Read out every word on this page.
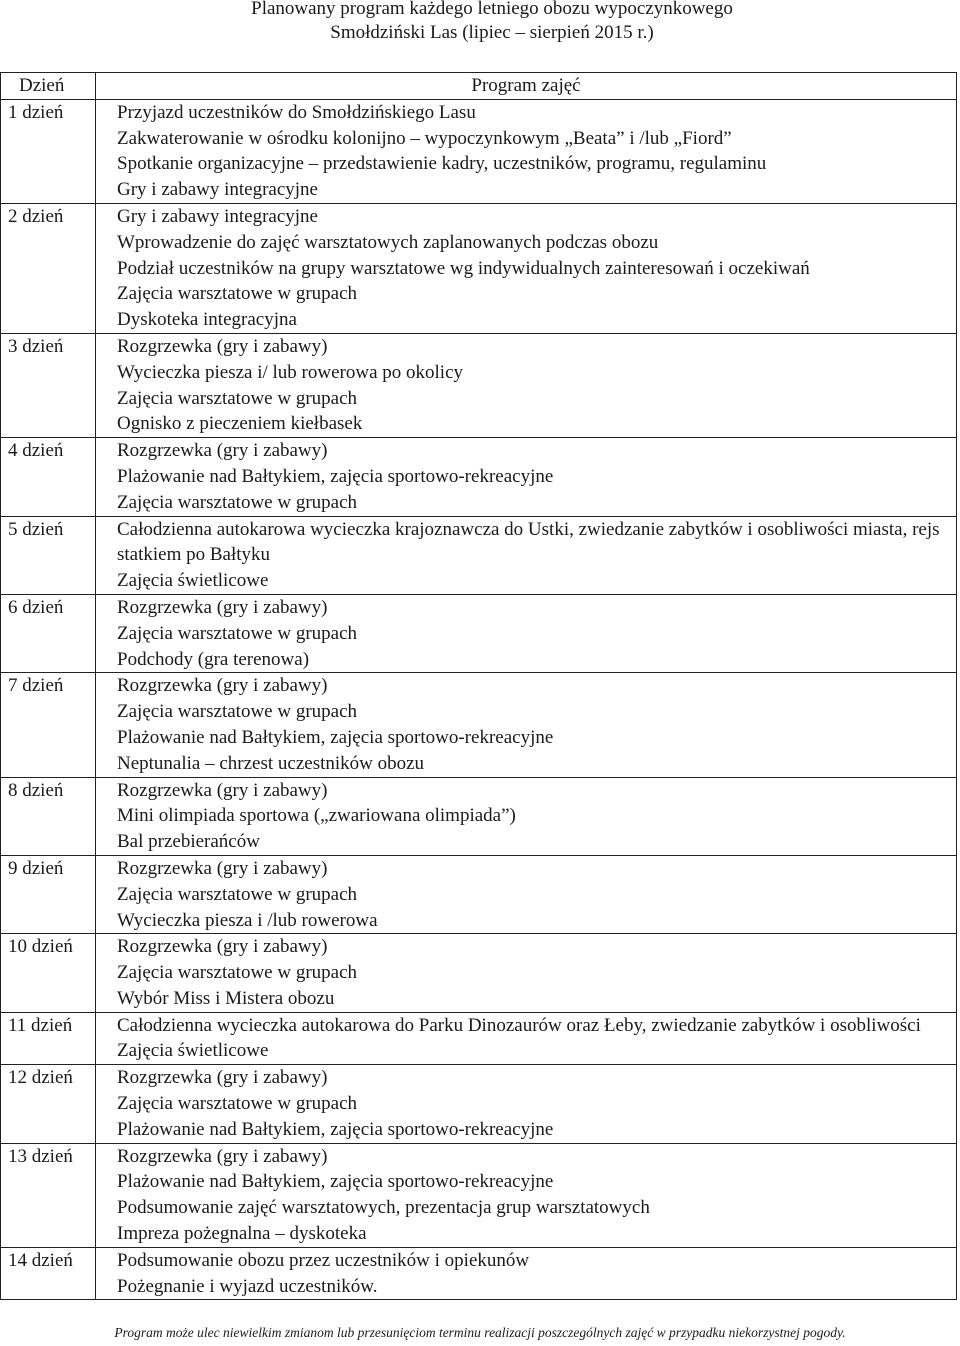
Planowany program każdego letniego obozu wypoczynkowego
Smołdziński Las (lipiec – sierpień 2015 r.)
Dzień	Program zajęć
1 dzień	Przyjazd uczestników do Smołdzińskiego Lasu
Zakwaterowanie w ośrodku kolonijno – wypoczynkowym „Beata” i /lub „Fiord”
Spotkanie organizacyjne – przedstawienie kadry, uczestników, programu, regulaminu
Gry i zabawy integracyjne

2 dzień	Gry i zabawy integracyjne
Wprowadzenie do zajęć warsztatowych zaplanowanych podczas obozu
Podział uczestników na grupy warsztatowe wg indywidualnych zainteresowań i oczekiwań
Zajęcia warsztatowe w grupach
Dyskoteka integracyjna

3 dzień	Rozgrzewka (gry i zabawy)
Wycieczka piesza i/ lub rowerowa po okolicy
Zajęcia warsztatowe w grupach
Ognisko z pieczeniem kiełbasek

4 dzień	Rozgrzewka (gry i zabawy)
Plażowanie nad Bałtykiem, zajęcia sportowo-rekreacyjne
Zajęcia warsztatowe w grupach

5 dzień	Całodzienna autokarowa wycieczka krajoznawcza do Ustki, zwiedzanie zabytków i osobliwości miasta, rejs statkiem po Bałtyku
Zajęcia świetlicowe

6 dzień	Rozgrzewka (gry i zabawy)
Zajęcia warsztatowe w grupach
Podchody (gra terenowa)

7 dzień	Rozgrzewka (gry i zabawy)
Zajęcia warsztatowe w grupach
Plażowanie nad Bałtykiem, zajęcia sportowo-rekreacyjne
Neptunalia – chrzest uczestników obozu

8 dzień	Rozgrzewka (gry i zabawy)
Mini olimpiada sportowa („zwariowana olimpiada”)
Bal przebierańców

9 dzień	Rozgrzewka (gry i zabawy)
Zajęcia warsztatowe w grupach
Wycieczka piesza i /lub rowerowa

10 dzień	Rozgrzewka (gry i zabawy)
Zajęcia warsztatowe w grupach
Wybór Miss i Mistera obozu

11 dzień	Całodzienna wycieczka autokarowa do Parku Dinozaurów oraz Łeby, zwiedzanie zabytków i osobliwości
Zajęcia świetlicowe

12 dzień	Rozgrzewka (gry i zabawy)
Zajęcia warsztatowe w grupach
Plażowanie nad Bałtykiem, zajęcia sportowo-rekreacyjne

13 dzień	Rozgrzewka (gry i zabawy)
Plażowanie nad Bałtykiem, zajęcia sportowo-rekreacyjne
Podsumowanie zajęć warsztatowych, prezentacja grup warsztatowych
Impreza pożegnalna – dyskoteka

14 dzień	Podsumowanie obozu przez uczestników i opiekunów
Pożegnanie i wyjazd uczestników.
Program może ulec niewielkim zmianom lub przesunięciom terminu realizacji poszczególnych zajęć w przypadku niekorzystnej pogody.
